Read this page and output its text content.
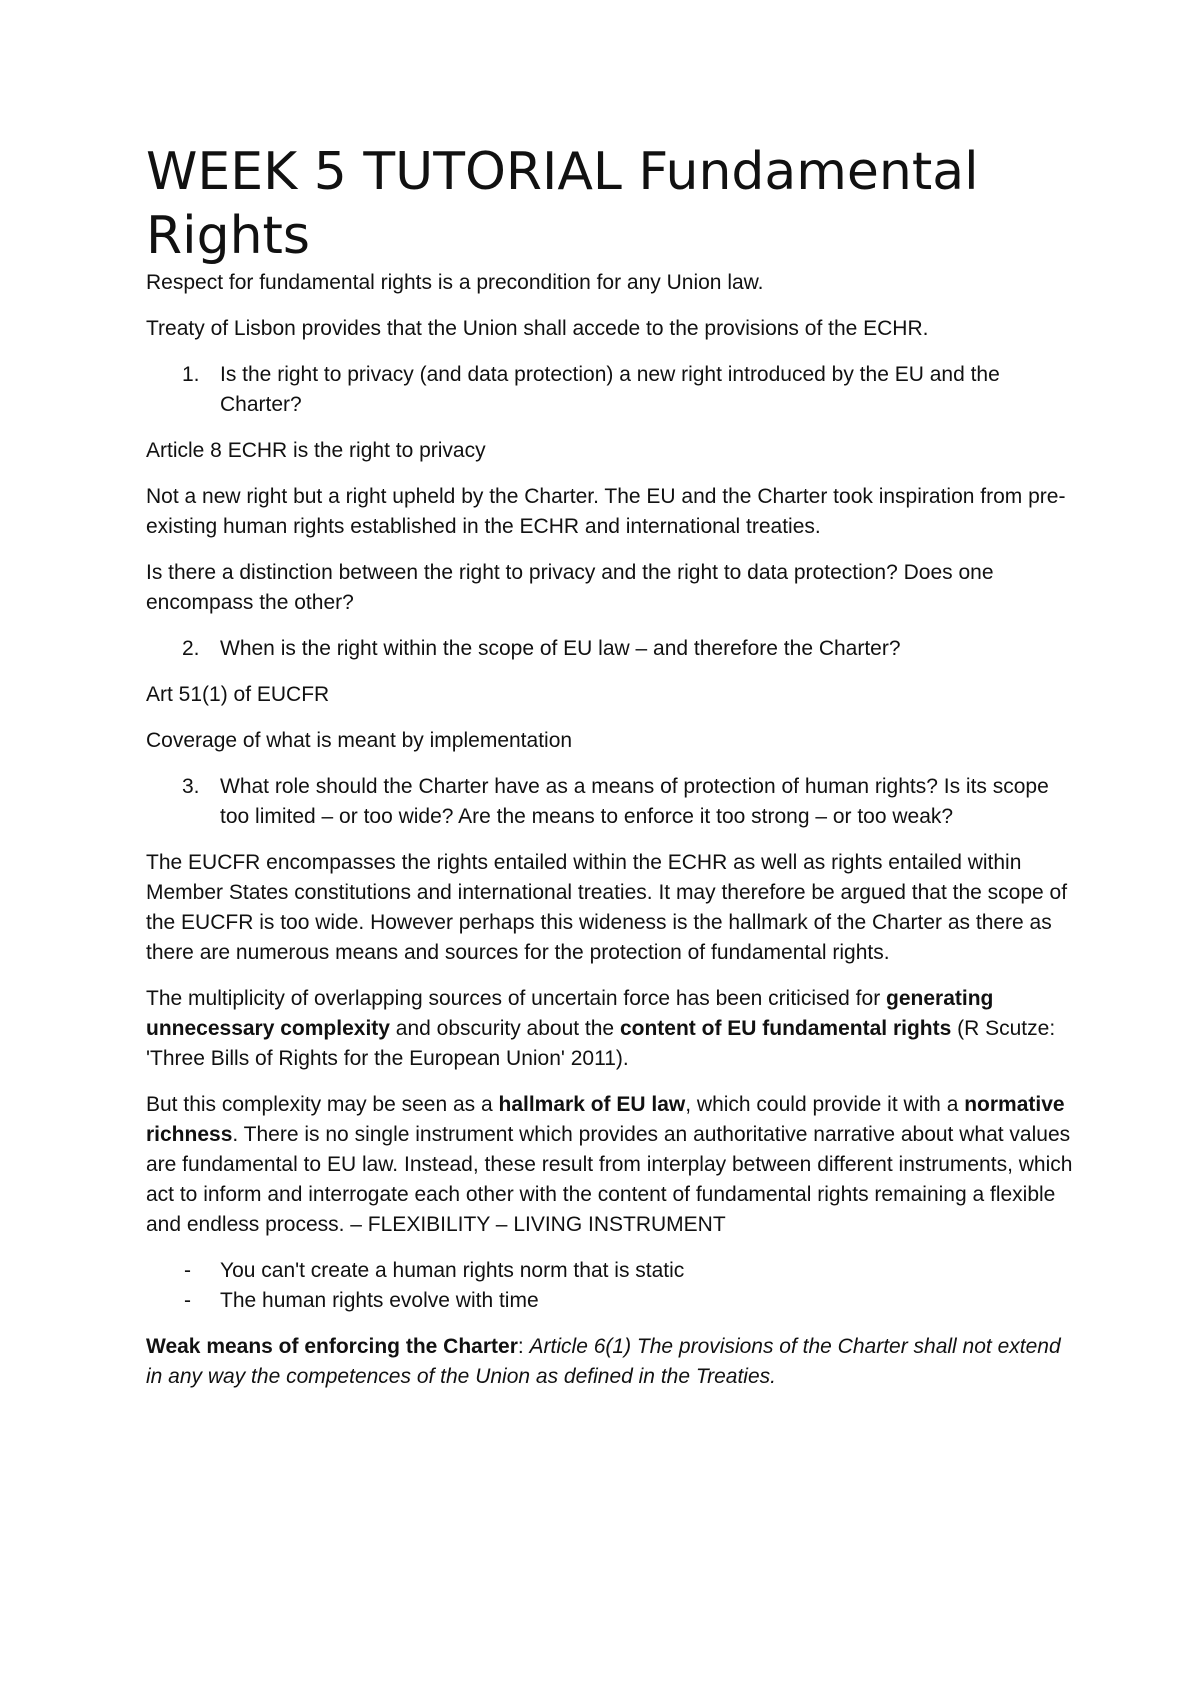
WEEK 5 TUTORIAL Fundamental Rights

Respect for fundamental rights is a precondition for any Union law.

Treaty of Lisbon provides that the Union shall accede to the provisions of the ECHR.

1. Is the right to privacy (and data protection) a new right introduced by the EU and the Charter?

Article 8 ECHR is the right to privacy

Not a new right but a right upheld by the Charter. The EU and the Charter took inspiration from pre-existing human rights established in the ECHR and international treaties.

Is there a distinction between the right to privacy and the right to data protection? Does one encompass the other?

2. When is the right within the scope of EU law – and therefore the Charter?

Art 51(1) of EUCFR

Coverage of what is meant by implementation

3. What role should the Charter have as a means of protection of human rights? Is its scope too limited – or too wide? Are the means to enforce it too strong – or too weak?

The EUCFR encompasses the rights entailed within the ECHR as well as rights entailed within Member States constitutions and international treaties. It may therefore be argued that the scope of the EUCFR is too wide. However perhaps this wideness is the hallmark of the Charter as there as there are numerous means and sources for the protection of fundamental rights.

The multiplicity of overlapping sources of uncertain force has been criticised for generating unnecessary complexity and obscurity about the content of EU fundamental rights (R Scutze: 'Three Bills of Rights for the European Union' 2011).

But this complexity may be seen as a hallmark of EU law, which could provide it with a normative richness. There is no single instrument which provides an authoritative narrative about what values are fundamental to EU law. Instead, these result from interplay between different instruments, which act to inform and interrogate each other with the content of fundamental rights remaining a flexible and endless process. – FLEXIBILITY – LIVING INSTRUMENT

- You can't create a human rights norm that is static
- The human rights evolve with time

Weak means of enforcing the Charter: Article 6(1) The provisions of the Charter shall not extend in any way the competences of the Union as defined in the Treaties.
